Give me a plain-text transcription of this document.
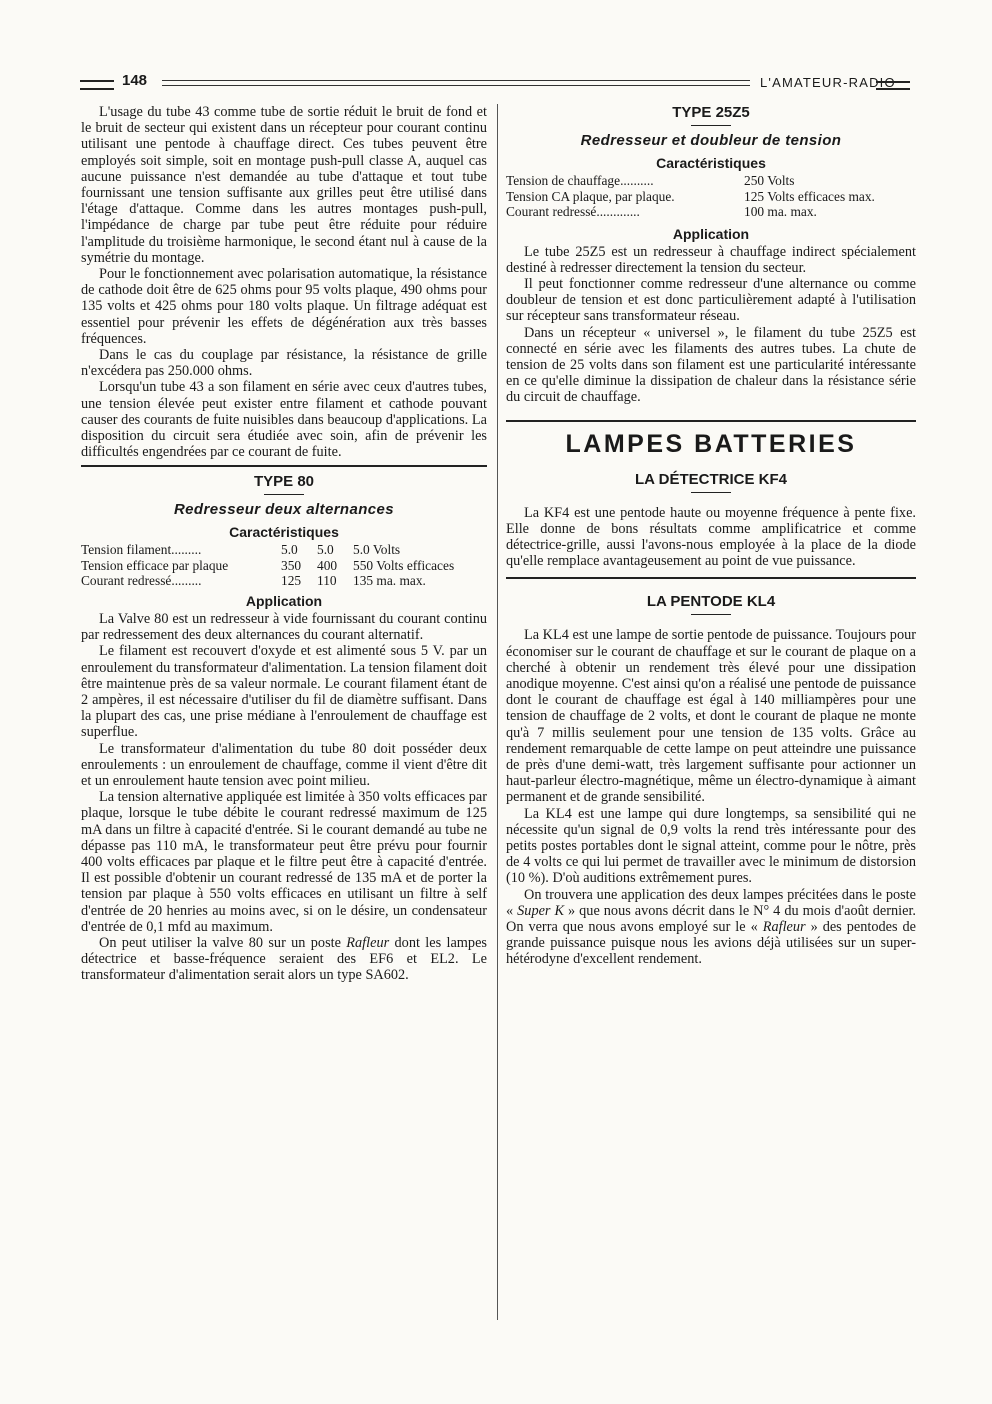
148	L'AMATEUR-RADIO

L'usage du tube 43 comme tube de sortie réduit le bruit de fond et le bruit de secteur qui existent dans un récepteur pour courant continu utilisant une pentode à chauffage direct. Ces tubes peuvent être employés soit simple, soit en montage push-pull classe A, auquel cas aucune puissance n'est demandée au tube d'attaque et tout tube fournissant une tension suffisante aux grilles peut être utilisé dans l'étage d'attaque. Comme dans les autres montages push-pull, l'impédance de charge par tube peut être réduite pour réduire l'amplitude du troisième harmonique, le second étant nul à cause de la symétrie du montage.

Pour le fonctionnement avec polarisation automatique, la résistance de cathode doit être de 625 ohms pour 95 volts plaque, 490 ohms pour 135 volts et 425 ohms pour 180 volts plaque. Un filtrage adéquat est essentiel pour prévenir les effets de dégénération aux très basses fréquences.

Dans le cas du couplage par résistance, la résistance de grille n'excédera pas 250.000 ohms.

Lorsqu'un tube 43 a son filament en série avec ceux d'autres tubes, une tension élevée peut exister entre filament et cathode pouvant causer des courants de fuite nuisibles dans beaucoup d'applications. La disposition du circuit sera étudiée avec soin, afin de prévenir les difficultés engendrées par ce courant de fuite.

TYPE 80

Redresseur deux alternances

Caractéristiques

Tension filament.........	5.0	5.0	5.0 Volts
Tension efficace par plaque	350	400	550 Volts efficaces
Courant redressé.........	125	110	135 ma. max.

Application

La Valve 80 est un redresseur à vide fournissant du courant continu par redressement des deux alternances du courant alternatif.

Le filament est recouvert d'oxyde et est alimenté sous 5 V. par un enroulement du transformateur d'alimentation. La tension filament doit être maintenue près de sa valeur normale. Le courant filament étant de 2 ampères, il est nécessaire d'utiliser du fil de diamètre suffisant. Dans la plupart des cas, une prise médiane à l'enroulement de chauffage est superflue.

Le transformateur d'alimentation du tube 80 doit posséder deux enroulements : un enroulement de chauffage, comme il vient d'être dit et un enroulement haute tension avec point milieu.

La tension alternative appliquée est limitée à 350 volts efficaces par plaque, lorsque le tube débite le courant redressé maximum de 125 mA dans un filtre à capacité d'entrée. Si le courant demandé au tube ne dépasse pas 110 mA, le transformateur peut être prévu pour fournir 400 volts efficaces par plaque et le filtre peut être à capacité d'entrée. Il est possible d'obtenir un courant redressé de 135 mA et de porter la tension par plaque à 550 volts efficaces en utilisant un filtre à self d'entrée de 20 henries au moins avec, si on le désire, un condensateur d'entrée de 0,1 mfd au maximum.

On peut utiliser la valve 80 sur un poste Rafleur dont les lampes détectrice et basse-fréquence seraient des EF6 et EL2. Le transformateur d'alimentation serait alors un type SA602.

TYPE 25Z5

Redresseur et doubleur de tension

Caractéristiques

Tension de chauffage..........	250 Volts
Tension CA plaque, par plaque.	125 Volts efficaces max.
Courant redressé.............	100 ma. max.

Application

Le tube 25Z5 est un redresseur à chauffage indirect spécialement destiné à redresser directement la tension du secteur.

Il peut fonctionner comme redresseur d'une alternance ou comme doubleur de tension et est donc particulièrement adapté à l'utilisation sur récepteur sans transformateur réseau.

Dans un récepteur « universel », le filament du tube 25Z5 est connecté en série avec les filaments des autres tubes. La chute de tension de 25 volts dans son filament est une particularité intéressante en ce qu'elle diminue la dissipation de chaleur dans la résistance série du circuit de chauffage.

LAMPES BATTERIES

LA DÉTECTRICE KF4

La KF4 est une pentode haute ou moyenne fréquence à pente fixe. Elle donne de bons résultats comme amplificatrice et comme détectrice-grille, aussi l'avons-nous employée à la place de la diode qu'elle remplace avantageusement au point de vue puissance.

LA PENTODE KL4

La KL4 est une lampe de sortie pentode de puissance. Toujours pour économiser sur le courant de chauffage et sur le courant de plaque on a cherché à obtenir un rendement très élevé pour une dissipation anodique moyenne. C'est ainsi qu'on a réalisé une pentode de puissance dont le courant de chauffage est égal à 140 milliampères pour une tension de chauffage de 2 volts, et dont le courant de plaque ne monte qu'à 7 millis seulement pour une tension de 135 volts. Grâce au rendement remarquable de cette lampe on peut atteindre une puissance de près d'une demi-watt, très largement suffisante pour actionner un haut-parleur électro-magnétique, même un électro-dynamique à aimant permanent et de grande sensibilité.

La KL4 est une lampe qui dure longtemps, sa sensibilité qui ne nécessite qu'un signal de 0,9 volts la rend très intéressante pour des petits postes portables dont le signal atteint, comme pour le nôtre, près de 4 volts ce qui lui permet de travailler avec le minimum de distorsion (10 %). D'où auditions extrêmement pures.

On trouvera une application des deux lampes précitées dans le poste « Super K » que nous avons décrit dans le N° 4 du mois d'août dernier. On verra que nous avons employé sur le « Rafleur » des pentodes de grande puissance puisque nous les avions déjà utilisées sur un super-hétérodyne d'excellent rendement.
